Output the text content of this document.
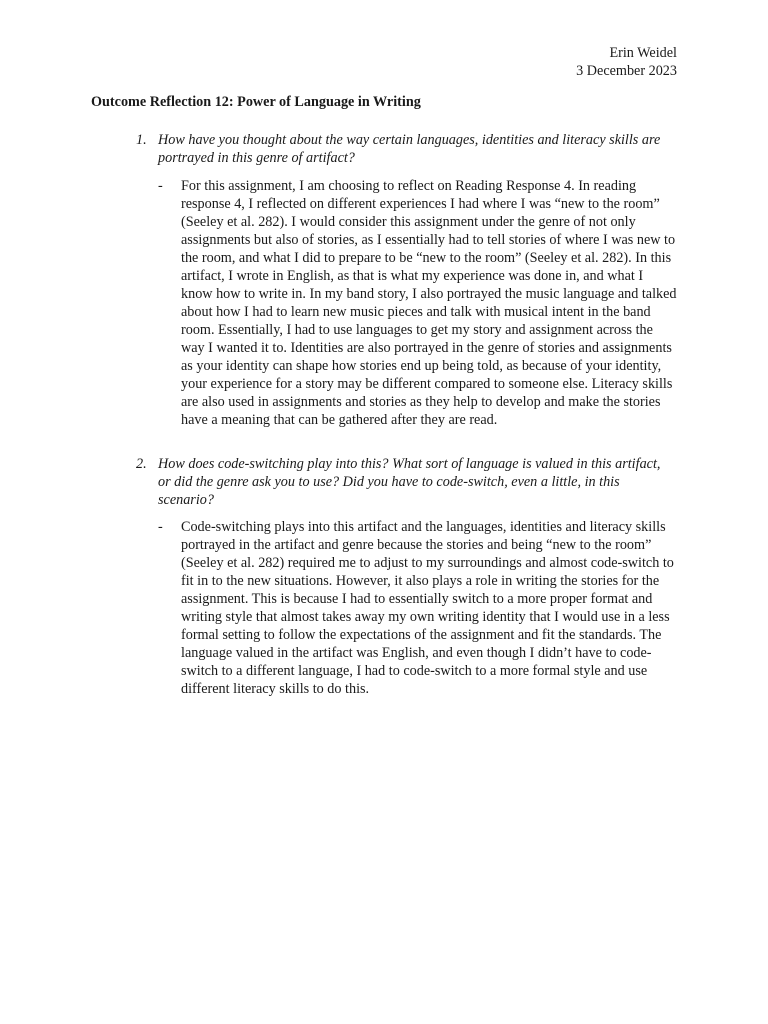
Erin Weidel
3 December 2023
Outcome Reflection 12: Power of Language in Writing
1. How have you thought about the way certain languages, identities and literacy skills are portrayed in this genre of artifact?
- For this assignment, I am choosing to reflect on Reading Response 4. In reading response 4, I reflected on different experiences I had where I was “new to the room” (Seeley et al. 282). I would consider this assignment under the genre of not only assignments but also of stories, as I essentially had to tell stories of where I was new to the room, and what I did to prepare to be “new to the room” (Seeley et al. 282). In this artifact, I wrote in English, as that is what my experience was done in, and what I know how to write in. In my band story, I also portrayed the music language and talked about how I had to learn new music pieces and talk with musical intent in the band room. Essentially, I had to use languages to get my story and assignment across the way I wanted it to. Identities are also portrayed in the genre of stories and assignments as your identity can shape how stories end up being told, as because of your identity, your experience for a story may be different compared to someone else. Literacy skills are also used in assignments and stories as they help to develop and make the stories have a meaning that can be gathered after they are read.
2. How does code-switching play into this? What sort of language is valued in this artifact, or did the genre ask you to use? Did you have to code-switch, even a little, in this scenario?
- Code-switching plays into this artifact and the languages, identities and literacy skills portrayed in the artifact and genre because the stories and being “new to the room” (Seeley et al. 282) required me to adjust to my surroundings and almost code-switch to fit in to the new situations. However, it also plays a role in writing the stories for the assignment. This is because I had to essentially switch to a more proper format and writing style that almost takes away my own writing identity that I would use in a less formal setting to follow the expectations of the assignment and fit the standards. The language valued in the artifact was English, and even though I didn’t have to code-switch to a different language, I had to code-switch to a more formal style and use different literacy skills to do this.
